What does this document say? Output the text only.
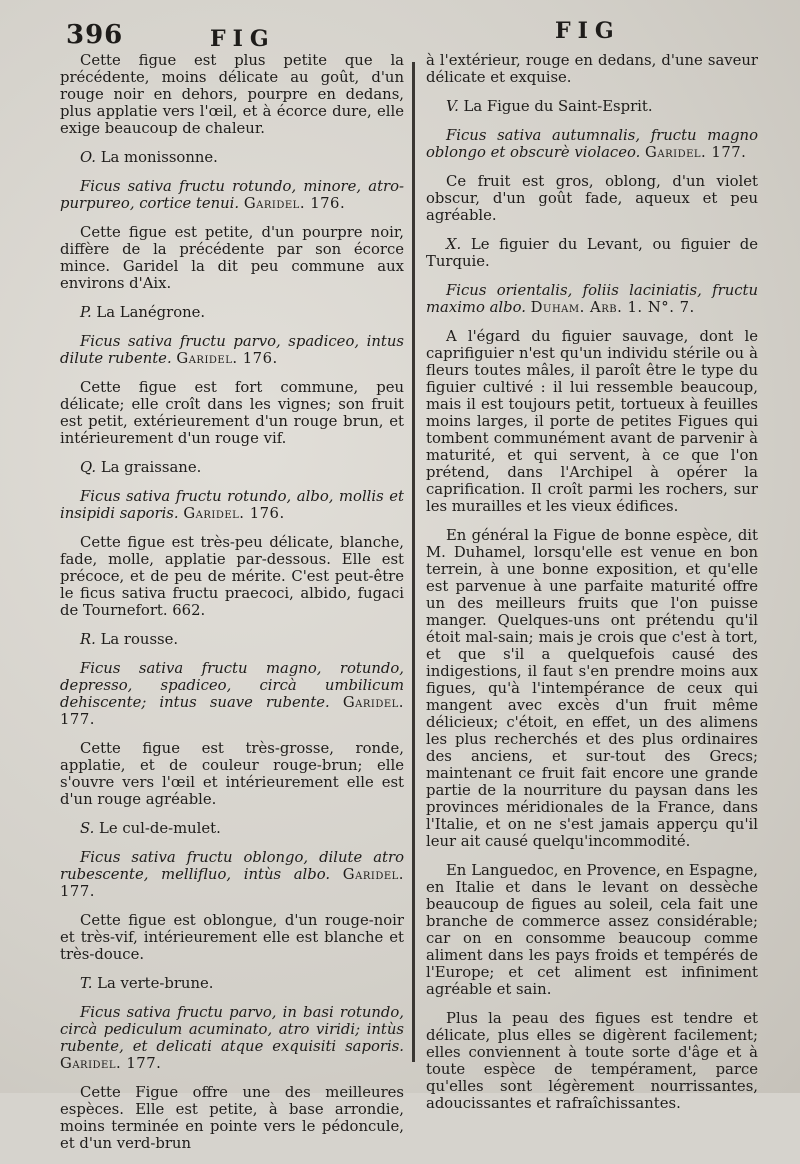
396	FIG	FIG

Cette figue est plus petite que la précédente, moins délicate au goût, d'un rouge noir en dehors, pourpre en dedans, plus applatie vers l'œil, et à écorce dure, elle exige beaucoup de chaleur.

O. La monissonne.
Ficus sativa fructu rotundo, minore, atro-purpureo, cortice tenui. Garidel. 176.

Cette figue est petite, d'un pourpre noir, diffère de la précédente par son écorce mince. Garidel la dit peu commune aux environs d'Aix.

P. La Lanégrone.
Ficus sativa fructu parvo, spadiceo, intus dilute rubente. Garidel. 176.

Cette figue est fort commune, peu délicate; elle croît dans les vignes; son fruit est petit, extérieurement d'un rouge brun, et intérieurement d'un rouge vif.

Q. La graissane.
Ficus sativa fructu rotundo, albo, mollis et insipidi saporis. Garidel. 176.

Cette figue est très-peu délicate, blanche, fade, molle, applatie par-dessous. Elle est précoce, et de peu de mérite. C'est peut-être le ficus sativa fructu praecoci, albido, fugaci de Tournefort. 662.

R. La rousse.
Ficus sativa fructu magno, rotundo, depresso, spadiceo, circà umbilicum dehiscente; intus suave rubente. Garidel. 177.

Cette figue est très-grosse, ronde, applatie, et de couleur rouge-brun; elle s'ouvre vers l'œil et intérieurement elle est d'un rouge agréable.

S. Le cul-de-mulet.
Ficus sativa fructu oblongo, dilute atro rubescente, mellifluo, intùs albo. Garidel. 177.

Cette figue est oblongue, d'un rouge-noir et très-vif, intérieurement elle est blanche et très-douce.

T. La verte-brune.
Ficus sativa fructu parvo, in basi rotundo, circà pediculum acuminato, atro viridi; intùs rubente, et delicati atque exquisiti saporis. Garidel. 177.

Cette Figue offre une des meilleures espèces. Elle est petite, à base arrondie, moins terminée en pointe vers le pédoncule, et d'un verd-brun

à l'extérieur, rouge en dedans, d'une saveur délicate et exquise.

V. La Figue du Saint-Esprit.
Ficus sativa autumnalis, fructu magno oblongo et obscurè violaceo. Garidel. 177.

Ce fruit est gros, oblong, d'un violet obscur, d'un goût fade, aqueux et peu agréable.

X. Le figuier du Levant, ou figuier de Turquie.
Ficus orientalis, foliis laciniatis, fructu maximo albo. Duham. Arb. 1. N°. 7.

A l'égard du figuier sauvage, dont le caprifiguier n'est qu'un individu stérile ou à fleurs toutes mâles, il paroît être le type du figuier cultivé : il lui ressemble beaucoup, mais il est toujours petit, tortueux à feuilles moins larges, il porte de petites Figues qui tombent communément avant de parvenir à maturité, et qui servent, à ce que l'on prétend, dans l'Archipel à opérer la caprification. Il croît parmi les rochers, sur les murailles et les vieux édifices.

En général la Figue de bonne espèce, dit M. Duhamel, lorsqu'elle est venue en bon terrein, à une bonne exposition, et qu'elle est parvenue à une parfaite maturité offre un des meilleurs fruits que l'on puisse manger. Quelques-uns ont prétendu qu'il étoit mal-sain; mais je crois que c'est à tort, et que s'il a quelquefois causé des indigestions, il faut s'en prendre moins aux figues, qu'à l'intempérance de ceux qui mangent avec excès d'un fruit même délicieux; c'étoit, en effet, un des alimens les plus recherchés et des plus ordinaires des anciens, et sur-tout des Grecs; maintenant ce fruit fait encore une grande partie de la nourriture du paysan dans les provinces méridionales de la France, dans l'Italie, et on ne s'est jamais apperçu qu'il leur ait causé quelqu'incommodité.

En Languedoc, en Provence, en Espagne, en Italie et dans le levant on dessèche beaucoup de figues au soleil, cela fait une branche de commerce assez considérable; car on en consomme beaucoup comme aliment dans les pays froids et tempérés de l'Europe; et cet aliment est infiniment agréable et sain.

Plus la peau des figues est tendre et délicate, plus elles se digèrent facilement; elles conviennent à toute sorte d'âge et à toute espèce de tempérament, parce qu'elles sont légèrement nourrissantes, adoucissantes et rafraîchissantes.
